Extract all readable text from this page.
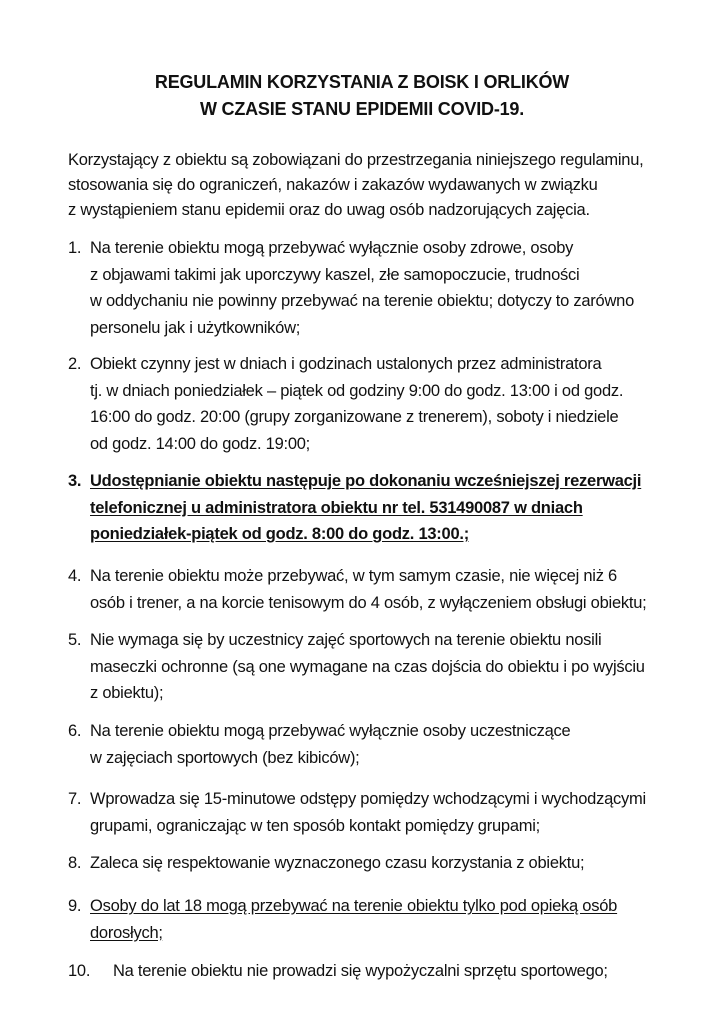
REGULAMIN KORZYSTANIA Z BOISK I ORLIKÓW
W CZASIE STANU EPIDEMII COVID-19.

Korzystający z obiektu są zobowiązani do przestrzegania niniejszego regulaminu,
stosowania się do ograniczeń, nakazów i zakazów wydawanych w związku
z wystąpieniem stanu epidemii oraz do uwag osób nadzorujących zajęcia.

1. Na terenie obiektu mogą przebywać wyłącznie osoby zdrowe, osoby
z objawami takimi jak uporczywy kaszel, złe samopoczucie, trudności
w oddychaniu nie powinny przebywać na terenie obiektu; dotyczy to zarówno
personelu jak i użytkowników;
2. Obiekt czynny jest w dniach i godzinach ustalonych przez administratora
tj. w dniach poniedziałek – piątek od godziny 9:00 do godz. 13:00 i od godz.
16:00 do godz. 20:00 (grupy zorganizowane z trenerem), soboty i niedziele
od godz. 14:00 do godz. 19:00;
3. Udostępnianie obiektu następuje po dokonaniu wcześniejszej rezerwacji
telefonicznej u administratora obiektu nr tel. 531490087 w dniach
poniedziałek-piątek od godz. 8:00 do godz. 13:00.;
4. Na terenie obiektu może przebywać, w tym samym czasie, nie więcej niż 6
osób i trener, a na korcie tenisowym do 4 osób, z wyłączeniem obsługi obiektu;
5. Nie wymaga się by uczestnicy zajęć sportowych na terenie obiektu nosili
maseczki ochronne (są one wymagane na czas dojścia do obiektu i po wyjściu
z obiektu);
6. Na terenie obiektu mogą przebywać wyłącznie osoby uczestniczące
w zajęciach sportowych (bez kibiców);
7. Wprowadza się 15-minutowe odstępy pomiędzy wchodzącymi i wychodzącymi
grupami, ograniczając w ten sposób kontakt pomiędzy grupami;
8. Zaleca się respektowanie wyznaczonego czasu korzystania z obiektu;
9. Osoby do lat 18 mogą przebywać na terenie obiektu tylko pod opieką osób
dorosłych;
10. Na terenie obiektu nie prowadzi się wypożyczalni sprzętu sportowego;
